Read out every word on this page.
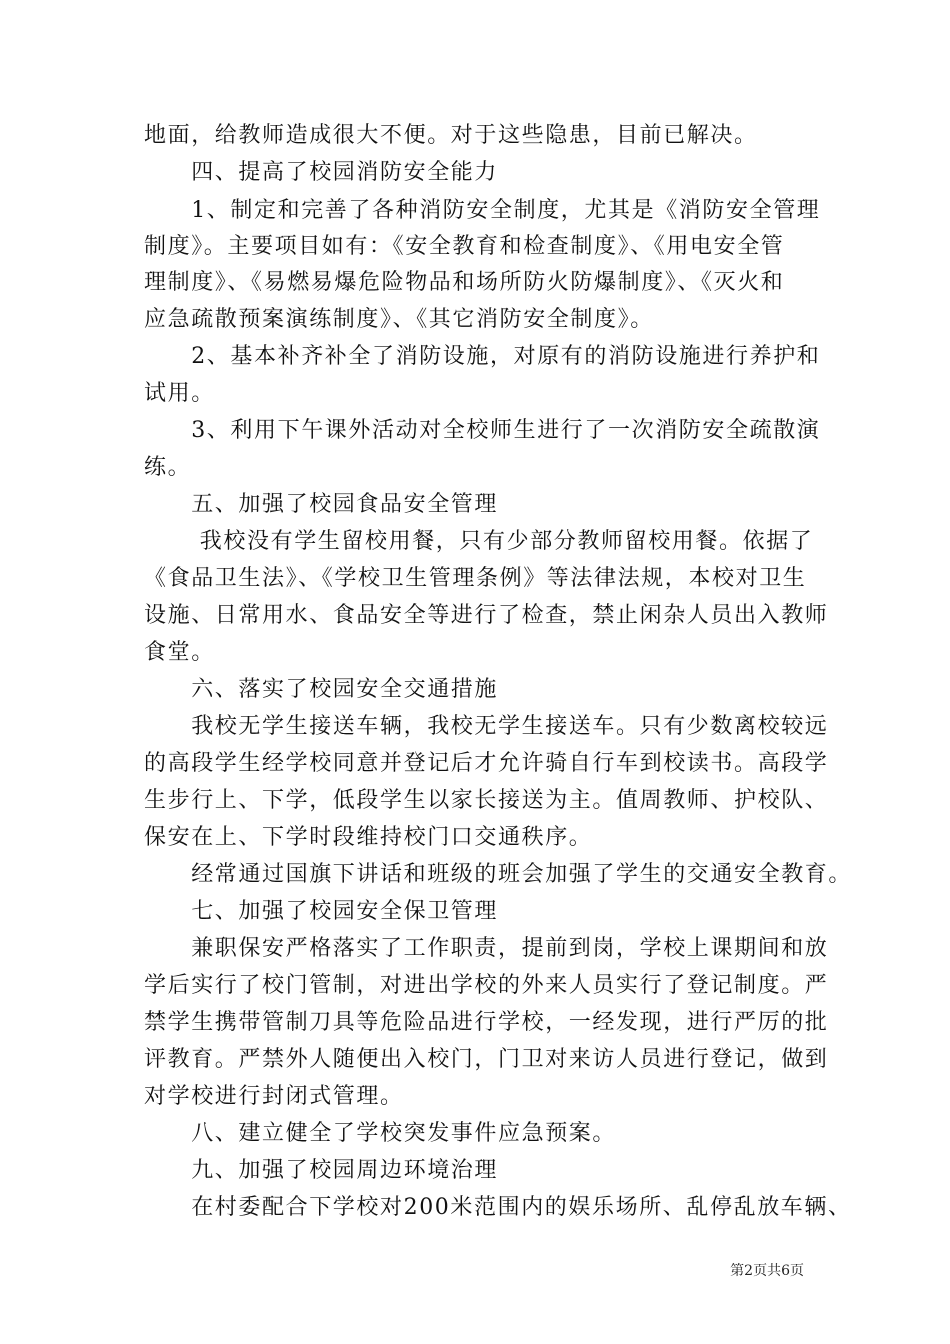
地面，给教师造成很大不便。对于这些隐患，目前已解决。

　　四、提高了校园消防安全能力

　　1、制定和完善了各种消防安全制度，尤其是《消防安全管理

制度》。主要项目如有：《安全教育和检查制度》、《用电安全管

理制度》、《易燃易爆危险物品和场所防火防爆制度》、《灭火和

应急疏散预案演练制度》、《其它消防安全制度》。

　　2、基本补齐补全了消防设施，对原有的消防设施进行养护和

试用。

　　3、利用下午课外活动对全校师生进行了一次消防安全疏散演

练。

　　五、加强了校园食品安全管理

　　 我校没有学生留校用餐，只有少部分教师留校用餐。依据了

《食品卫生法》、《学校卫生管理条例》等法律法规，本校对卫生

设施、日常用水、食品安全等进行了检查，禁止闲杂人员出入教师

食堂。

　　六、落实了校园安全交通措施

　　我校无学生接送车辆，我校无学生接送车。只有少数离校较远

的高段学生经学校同意并登记后才允许骑自行车到校读书。高段学

生步行上、下学，低段学生以家长接送为主。值周教师、护校队、

保安在上、下学时段维持校门口交通秩序。

　　经常通过国旗下讲话和班级的班会加强了学生的交通安全教育。

　　七、加强了校园安全保卫管理

　　兼职保安严格落实了工作职责，提前到岗，学校上课期间和放

学后实行了校门管制，对进出学校的外来人员实行了登记制度。严

禁学生携带管制刀具等危险品进行学校，一经发现，进行严厉的批

评教育。严禁外人随便出入校门，门卫对来访人员进行登记，做到

对学校进行封闭式管理。

　　八、建立健全了学校突发事件应急预案。

　　九、加强了校园周边环境治理

　　在村委配合下学校对200米范围内的娱乐场所、乱停乱放车辆、

第2页共6页
